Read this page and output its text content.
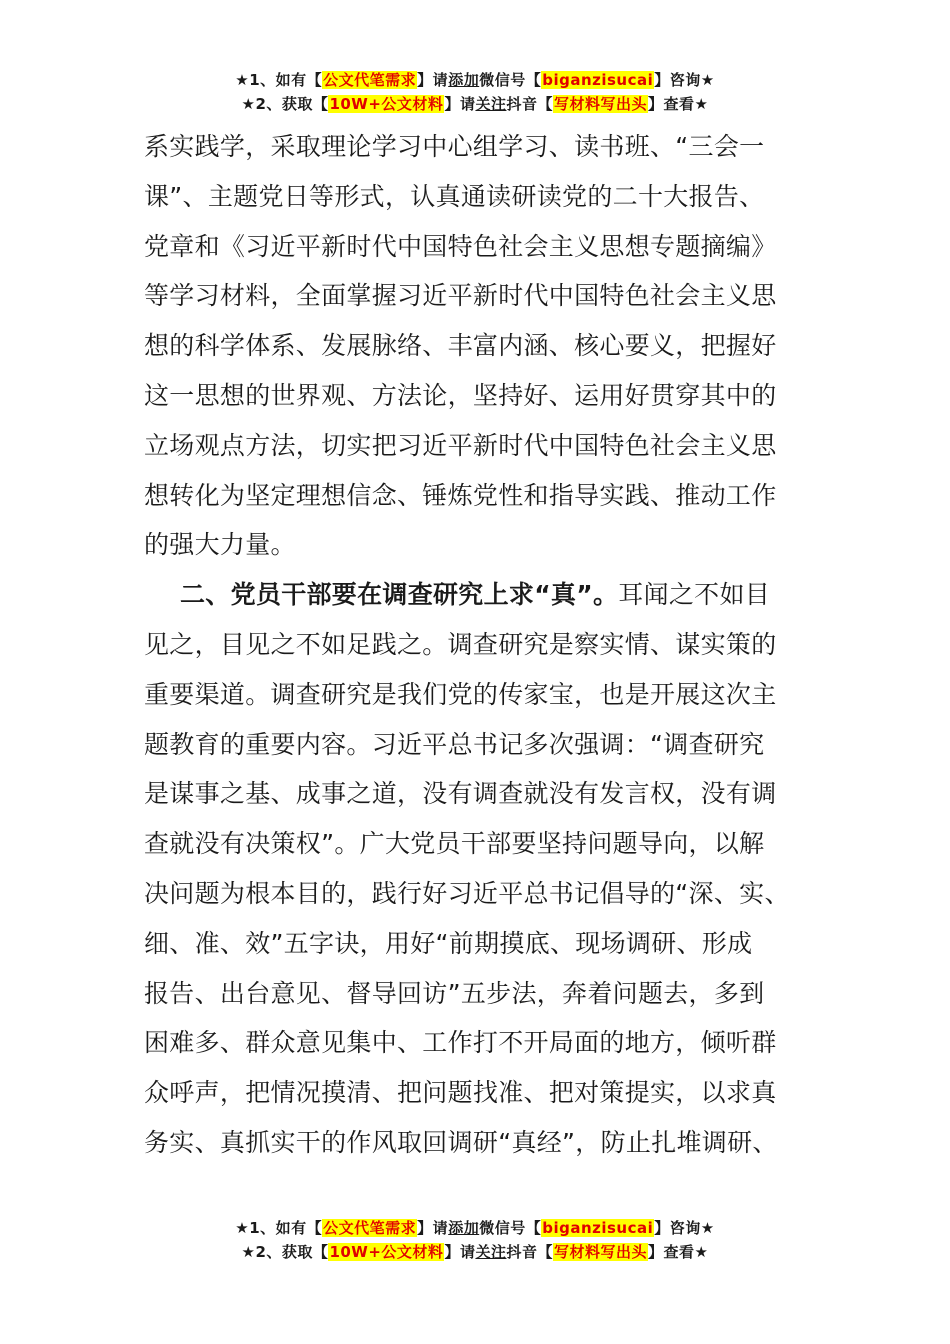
★1、如有【公文代笔需求】请添加微信号【biganzisucai】咨询★
★2、获取【10W+公文材料】请关注抖音【写材料写出头】查看★

系实践学，采取理论学习中心组学习、读书班、“三会一
课”、主题党日等形式，认真通读研读党的二十大报告、
党章和《习近平新时代中国特色社会主义思想专题摘编》
等学习材料，全面掌握习近平新时代中国特色社会主义思
想的科学体系、发展脉络、丰富内涵、核心要义，把握好
这一思想的世界观、方法论，坚持好、运用好贯穿其中的
立场观点方法，切实把习近平新时代中国特色社会主义思
想转化为坚定理想信念、锤炼党性和指导实践、推动工作
的强大力量。

二、党员干部要在调查研究上求“真”。耳闻之不如目
见之，目见之不如足践之。调查研究是察实情、谋实策的
重要渠道。调查研究是我们党的传家宝，也是开展这次主
题教育的重要内容。习近平总书记多次强调：“调查研究
是谋事之基、成事之道，没有调查就没有发言权，没有调
查就没有决策权”。广大党员干部要坚持问题导向，以解
决问题为根本目的，践行好习近平总书记倡导的“深、实、
细、准、效”五字诀，用好“前期摸底、现场调研、形成
报告、出台意见、督导回访”五步法，奔着问题去，多到
困难多、群众意见集中、工作打不开局面的地方，倾听群
众呼声，把情况摸清、把问题找准、把对策提实，以求真
务实、真抓实干的作风取回调研“真经”，防止扎堆调研、

★1、如有【公文代笔需求】请添加微信号【biganzisucai】咨询★
★2、获取【10W+公文材料】请关注抖音【写材料写出头】查看★
